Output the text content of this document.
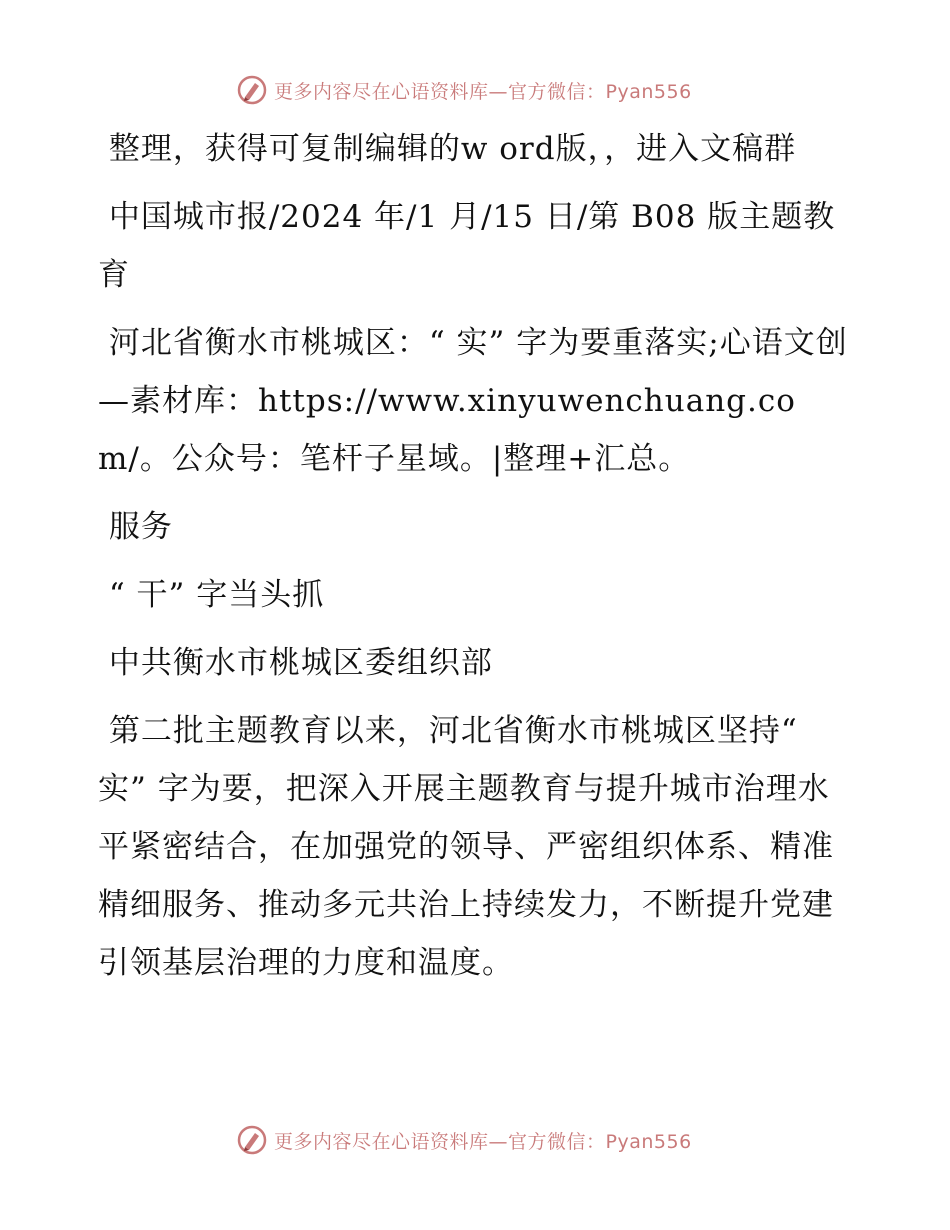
更多内容尽在心语资料库—官方微信：Pyan556

整理，获得可复制编辑的w ord版，，进入文稿群

中国城市报/2024 年/1 月/15 日/第 B08 版主题教育

河北省衡水市桃城区：“ 实” 字为要重落实;心语文创—素材库：https://www.xinyuwenchuang.com/。公众号：笔杆子星域。|整理+汇总。

服务

“ 干” 字当头抓

中共衡水市桃城区委组织部

第二批主题教育以来，河北省衡水市桃城区坚持“ 实” 字为要，把深入开展主题教育与提升城市治理水平紧密结合，在加强党的领导、严密组织体系、精准精细服务、推动多元共治上持续发力，不断提升党建引领基层治理的力度和温度。

更多内容尽在心语资料库—官方微信：Pyan556
